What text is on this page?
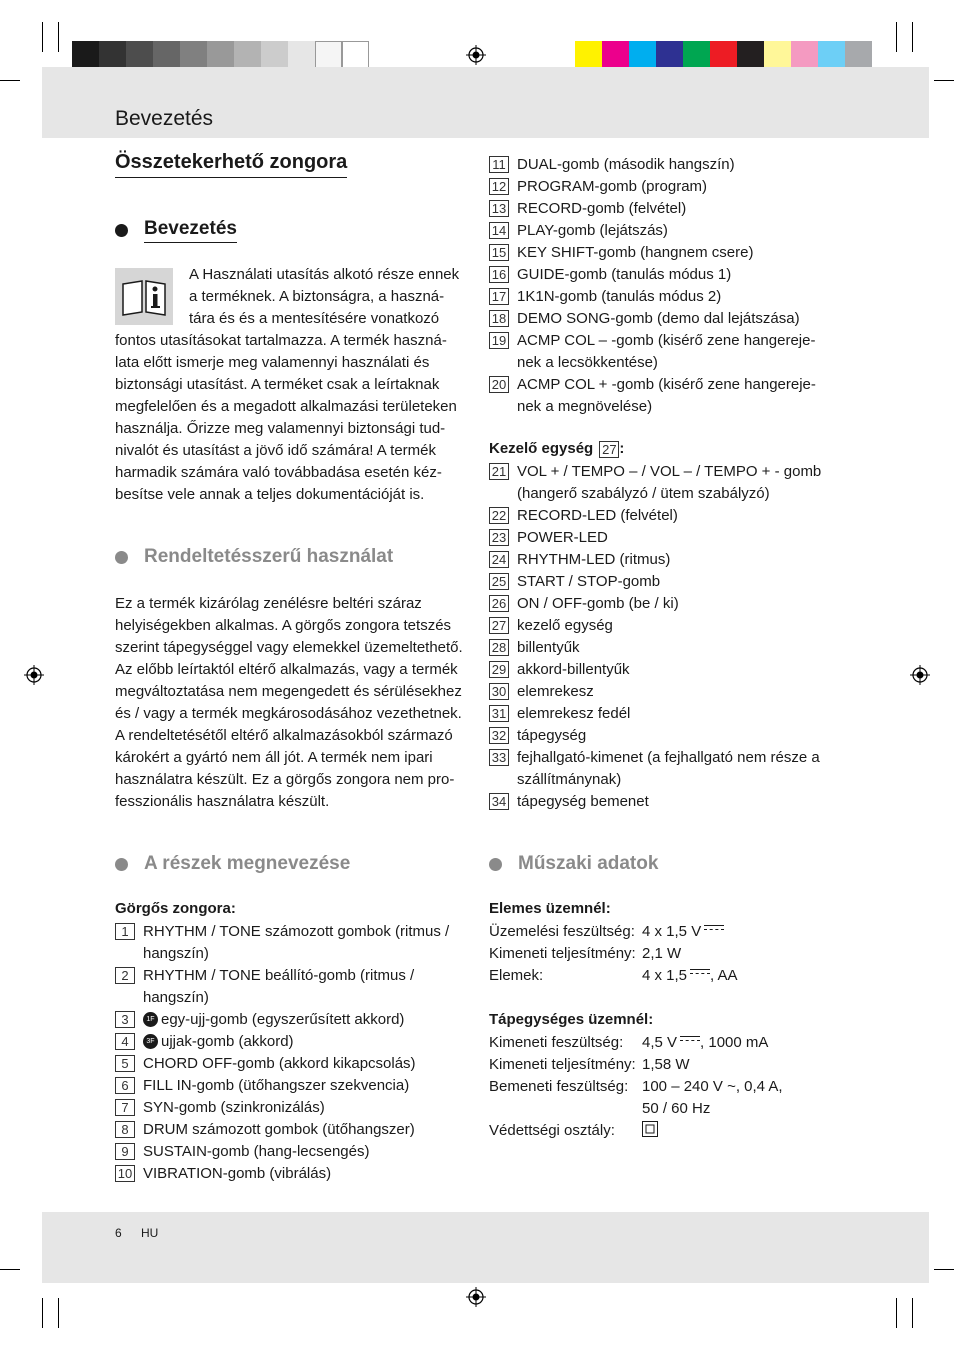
Bevezetés
Összetekerhető zongora
Bevezetés
A Használati utasítás alkotó része ennek
a terméknek. A biztonságra, a haszná-
tára és és a mentesítésére vonatkozó
fontos utasításokat tartalmazza. A termék haszná-
lata előtt ismerje meg valamennyi használati és
biztonsági utasítást. A terméket csak a leírtaknak
megfelelően és a megadott alkalmazási területeken
használja. Őrizze meg valamennyi biztonsági tud-
nivalót és utasítást a jövő idő számára! A termék
harmadik számára való továbbadása esetén kéz-
besítse vele annak a teljes dokumentációját is.
Rendeltetésszerű használat
Ez a termék kizárólag zenélésre beltéri száraz
helyiségekben alkalmas. A görgős zongora tetszés
szerint tápegységgel vagy elemekkel üzemeltethető.
Az előbb leírtaktól eltérő alkalmazás, vagy a termék
megváltoztatása nem megengedett és sérülésekhez
és / vagy a termék megkárosodásához vezethetnek.
A rendeltetésétől eltérő alkalmazásokból származó
károkért a gyártó nem áll jót. A termék nem ipari
használatra készült. Ez a görgős zongora nem pro-
fesszionális használatra készült.
A részek megnevezése
Görgős zongora:
1 RHYTHM / TONE számozott gombok (ritmus / hangszín)
2 RHYTHM / TONE beállító-gomb (ritmus / hangszín)
3	1F egy-ujj-gomb (egyszerűsített akkord)
4	3F ujjak-gomb (akkord)
5 CHORD OFF-gomb (akkord kikapcsolás)
6 FILL IN-gomb (ütőhangszer szekvencia)
7 SYN-gomb (szinkronizálás)
8 DRUM számozott gombok (ütőhangszer)
9 SUSTAIN-gomb (hang-lecsengés)
10 VIBRATION-gomb (vibrálás)
11 DUAL-gomb (második hangszín)
12 PROGRAM-gomb (program)
13 RECORD-gomb (felvétel)
14 PLAY-gomb (lejátszás)
15 KEY SHIFT-gomb (hangnem csere)
16 GUIDE-gomb (tanulás módus 1)
17 1K1N-gomb (tanulás módus 2)
18 DEMO SONG-gomb (demo dal lejátszása)
19 ACMP COL – -gomb (kisérő zene hangereje- nek a lecsökkentése)
20 ACMP COL + -gomb (kisérő zene hangereje- nek a megnövelése)
Kezelő egység 27 :
21 VOL + / TEMPO – / VOL – / TEMPO + - gomb (hangerő szabályzó / ütem szabályzó)
22 RECORD-LED (felvétel)
23 POWER-LED
24 RHYTHM-LED (ritmus)
25 START / STOP-gomb
26 ON / OFF-gomb (be / ki)
27 kezelő egység
28 billentyűk
29 akkord-billentyűk
30 elemrekesz
31 elemrekesz fedél
32 tápegység
33 fejhallgató-kimenet (a fejhallgató nem része a szállítmánynak)
34 tápegység bemenet
Műszaki adatok
Elemes üzemnél:
Üzemelési feszültség: 4 x 1,5 V
Kimeneti teljesítmény: 2,1 W
Elemek:	4 x 1,5 , AA
Tápegységes üzemnél:
Kimeneti feszültség:	4,5 V , 1000 mA
Kimeneti teljesítmény: 1,58 W
Bemeneti feszültség: 100 – 240 V ~, 0,4 A,
50 / 60 Hz
Védettségi osztály:
6 HU
